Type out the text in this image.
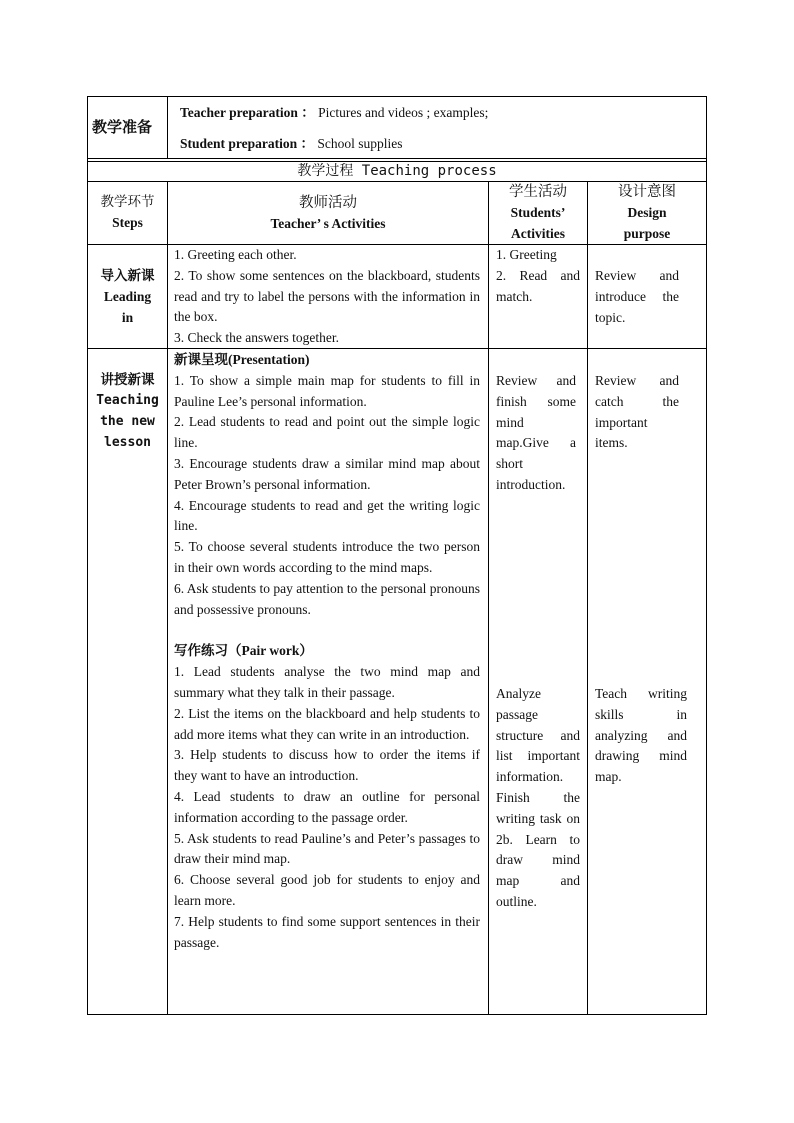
教学准备
Teacher preparation ： Pictures and videos ; examples;
Student preparation ： School supplies
教学过程 Teaching process
教学环节
Steps
教师活动
Teacher’ s Activities
学生活动
Students’
Activities
设计意图
Design
purpose
导入新课
Leading
in

1. Greeting each other.

2. To show some sentences on the blackboard, students read and try to label the persons with the information in the box.

3. Check the answers together.

1. Greeting

2. Read and match.

Review and introduce the topic.

讲授新课
Teaching
the new
lesson

新课呈现(Presentation)

1. To show a simple main map for students to fill in Pauline Lee’s personal information.

2. Lead students to read and point out the simple logic line.

3. Encourage students draw a similar mind map about Peter Brown’s personal information.

4. Encourage students to read and get the writing logic line.

5. To choose several students introduce the two person in their own words according to the mind maps.

6. Ask students to pay attention to the personal pronouns and possessive pronouns.

写作练习（Pair work）

1. Lead students analyse the two mind map and summary what they talk in their passage.

2. List the items on the blackboard and help students to add more items what they can write in an introduction.

3. Help students to discuss how to order the items if they want to have an introduction.

4. Lead students to draw an outline for personal information according to the passage order.

5. Ask students to read Pauline’s and Peter’s passages to draw their mind map.

6. Choose several good job for students to enjoy and learn more.

7. Help students to find some support sentences in their passage.

Review and finish some mind map.Give a short introduction.

Review and catch the important items.

Analyze passage structure and list important information. Finish the writing task on 2b. Learn to draw mind map and outline.

Teach writing skills in analyzing and drawing mind map.
